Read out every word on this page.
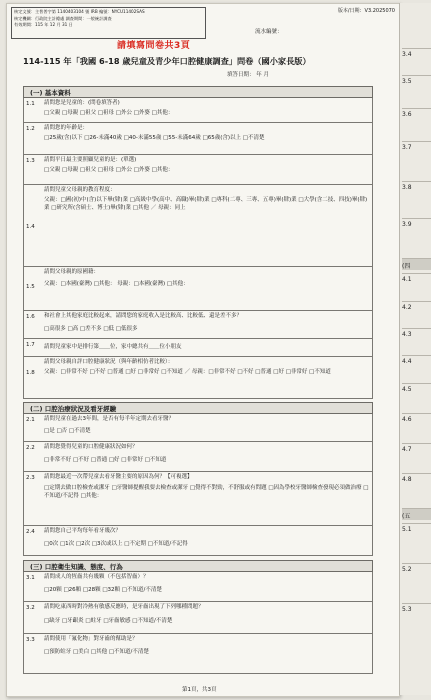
核定文號：主普普字第 1140403104 號 IRB 編號：NYCU11402SAS
核定機關：行政院主計總處 調查期間：一般統計調查
有效期間：115 年 12 月 31 日
版本/日期：V3.2025070
流水編號：
請填寫問卷共3頁
114-115 年「我國 6-18 歲兒童及青少年口腔健康調查」問卷（國小家長版）
填答日期： 年 月
(一) 基本資料
1.1	請問您是兒童的：(問卷填答者)
□父親 □母親 □祖父 □祖母 □外公 □外婆 □其他：
1.2	請問您的年齡是：
□25歲(含)以下 □26-未滿40歲 □40-未滿55歲 □55-未滿64歲 □65歲(含)以上 □不清楚
1.3	請問平日最主要照顧兒童的是：(單選)
□父親 □母親 □祖父 □祖母 □外公 □外婆 □其他：
1.4
請問兒童父母親的教育程度：
父親：□國(初)中(含)以下畢(肄)業 □高級中學(高中、高職)畢(肄)業 □專科(二專、三專、五專)畢(肄)業 □大學(含二技、四技)畢(肄)業 □研究所(含碩士、博士)畢(肄)業 □其他 ／ 母親：同上
1.5
請問父母親的原國籍：
父親：□本國(臺灣) □其他： 母親：□本國(臺灣) □其他：
1.6	和社會上其他家庭比較起來，請問您的家庭收入是比較高、比較低、還是差不多？
□高很多 □高 □差不多 □低 □低很多
1.7	請問兒童家中是排行第＿＿位，家中總共有＿＿位小朋友
1.8
請問父母親自評口腔健康狀況（與年齡相仿者比較）：
父親：□非常不好 □不好 □普通 □好 □非常好 □不知道 ／ 母親：□非常不好 □不好 □普通 □好 □非常好 □不知道
(二) 口腔治療狀況及看牙經驗
2.1	請問兒童在過去3年間，是否有每半年定期去看牙醫？
□是 □否 □不清楚
2.2	請問您覺得兒童的口腔健康狀況如何？
□非常不好 □不好 □普通 □好 □非常好 □不知道
2.3	請問您最近一次帶兒童去看牙醫主要的原因為何？【可複選】
□定期去做口腔檢查或潔牙 □牙醫師提醒我要去檢查或潔牙 □覺得不對勁，不舒服或有問題 □因為學校牙醫師檢查發現必須做治療 □不知道/不記得 □其他：
2.4	請問您自己平均每年看牙幾次？
□0次 □1次 □2次 □3次或以上 □不定期 □不知道/不記得
(三) 口腔衛生知識、態度、行為
3.1	請問成人的恆齒共有幾顆（不包括智齒）？
□20顆 □26顆 □28顆 □32顆 □不知道/不清楚
3.2	請問吃東西時對冷熱有敏感反應時，是牙齒出現了下列哪種問題？
□缺牙 □牙齦炎 □蛀牙 □牙齒敏感 □不知道/不清楚
3.3	請問使用「氟化物」對牙齒的幫助是？
□預防蛀牙 □美白 □其他 □不知道/不清楚
第1頁，共3頁
3.4
3.5
3.6
3.7
3.8
3.9
(四
4.1
4.2
4.3
4.4
4.5
4.6
4.7
4.8
(五
5.1
5.2
5.3
